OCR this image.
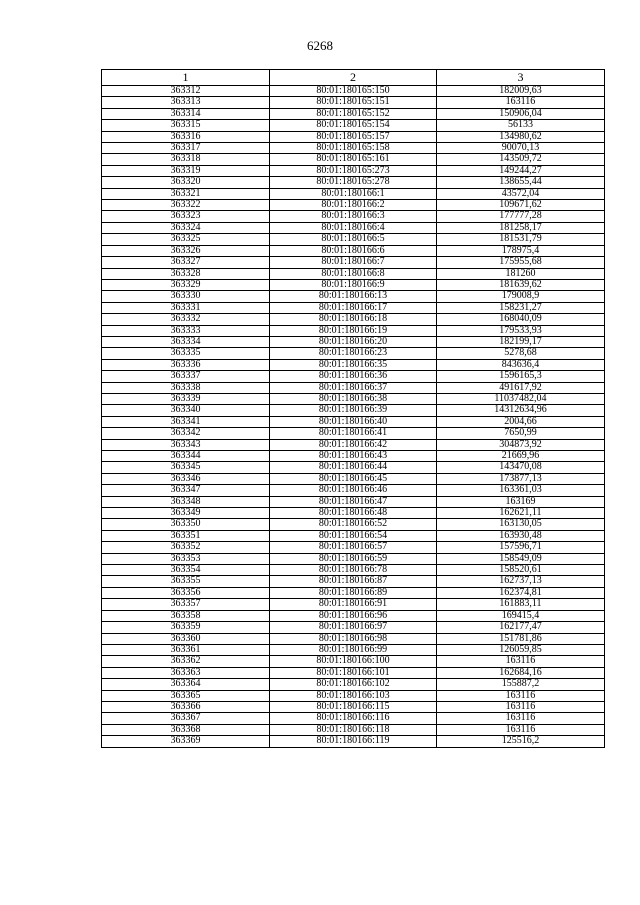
6268
1	2	3
363312	80:01:180165:150	182009,63
363313	80:01:180165:151	163116
363314	80:01:180165:152	150906,04
363315	80:01:180165:154	56133
363316	80:01:180165:157	134980,62
363317	80:01:180165:158	90070,13
363318	80:01:180165:161	143509,72
363319	80:01:180165:273	149244,27
363320	80:01:180165:278	138655,44
363321	80:01:180166:1	43572,04
363322	80:01:180166:2	109671,62
363323	80:01:180166:3	177777,28
363324	80:01:180166:4	181258,17
363325	80:01:180166:5	181531,79
363326	80:01:180166:6	178975,4
363327	80:01:180166:7	175955,68
363328	80:01:180166:8	181260
363329	80:01:180166:9	181639,62
363330	80:01:180166:13	179008,9
363331	80:01:180166:17	158231,27
363332	80:01:180166:18	168040,09
363333	80:01:180166:19	179533,93
363334	80:01:180166:20	182199,17
363335	80:01:180166:23	5278,68
363336	80:01:180166:35	843636,4
363337	80:01:180166:36	1596165,3
363338	80:01:180166:37	491617,92
363339	80:01:180166:38	11037482,04
363340	80:01:180166:39	14312634,96
363341	80:01:180166:40	2004,66
363342	80:01:180166:41	7650,99
363343	80:01:180166:42	304873,92
363344	80:01:180166:43	21669,96
363345	80:01:180166:44	143470,08
363346	80:01:180166:45	173877,13
363347	80:01:180166:46	163361,03
363348	80:01:180166:47	163169
363349	80:01:180166:48	162621,11
363350	80:01:180166:52	163130,05
363351	80:01:180166:54	163930,48
363352	80:01:180166:57	157596,71
363353	80:01:180166:59	158549,09
363354	80:01:180166:78	158520,61
363355	80:01:180166:87	162737,13
363356	80:01:180166:89	162374,81
363357	80:01:180166:91	161883,11
363358	80:01:180166:96	169415,4
363359	80:01:180166:97	162177,47
363360	80:01:180166:98	151781,86
363361	80:01:180166:99	126059,85
363362	80:01:180166:100	163116
363363	80:01:180166:101	162684,16
363364	80:01:180166:102	155887,2
363365	80:01:180166:103	163116
363366	80:01:180166:115	163116
363367	80:01:180166:116	163116
363368	80:01:180166:118	163116
363369	80:01:180166:119	125516,2
